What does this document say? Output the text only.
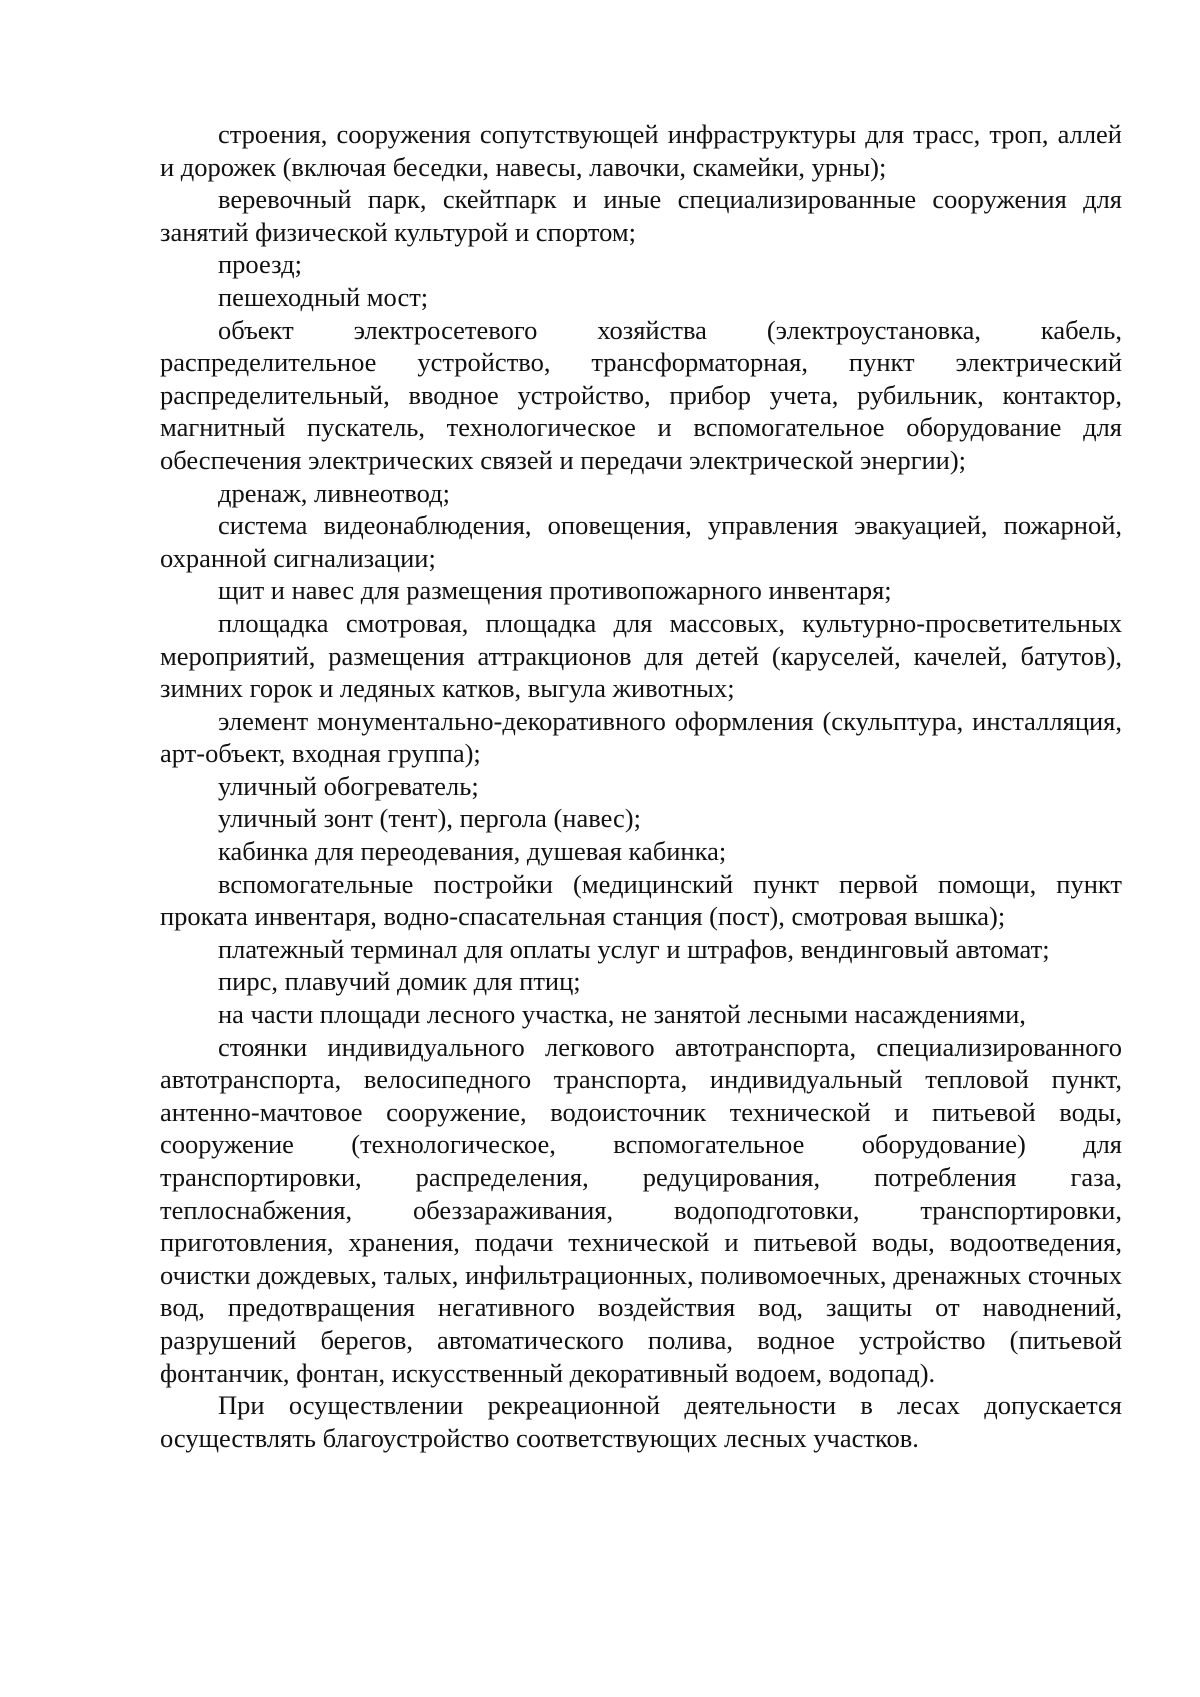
строения, сооружения сопутствующей инфраструктуры для трасс, троп, аллей и дорожек (включая беседки, навесы, лавочки, скамейки, урны);

веревочный парк, скейтпарк и иные специализированные сооружения для занятий физической культурой и спортом;

проезд;

пешеходный мост;

объект электросетевого хозяйства (электроустановка, кабель, распределительное устройство, трансформаторная, пункт электрический распределительный, вводное устройство, прибор учета, рубильник, контактор, магнитный пускатель, технологическое и вспомогательное оборудование для обеспечения электрических связей и передачи электрической энергии);

дренаж, ливнеотвод;

система видеонаблюдения, оповещения, управления эвакуацией, пожарной, охранной сигнализации;

щит и навес для размещения противопожарного инвентаря;

площадка смотровая, площадка для массовых, культурно-просветительных мероприятий, размещения аттракционов для детей (каруселей, качелей, батутов), зимних горок и ледяных катков, выгула животных;

элемент монументально-декоративного оформления (скульптура, инсталляция, арт-объект, входная группа);

уличный обогреватель;

уличный зонт (тент), пергола (навес);

кабинка для переодевания, душевая кабинка;

вспомогательные постройки (медицинский пункт первой помощи, пункт проката инвентаря, водно-спасательная станция (пост), смотровая вышка);

платежный терминал для оплаты услуг и штрафов, вендинговый автомат;

пирс, плавучий домик для птиц;

на части площади лесного участка, не занятой лесными насаждениями,

стоянки индивидуального легкового автотранспорта, специализированного автотранспорта, велосипедного транспорта, индивидуальный тепловой пункт, антенно-мачтовое сооружение, водоисточник технической и питьевой воды, сооружение (технологическое, вспомогательное оборудование) для транспортировки, распределения, редуцирования, потребления газа, теплоснабжения, обеззараживания, водоподготовки, транспортировки, приготовления, хранения, подачи технической и питьевой воды, водоотведения, очистки дождевых, талых, инфильтрационных, поливомоечных, дренажных сточных вод, предотвращения негативного воздействия вод, защиты от наводнений, разрушений берегов, автоматического полива, водное устройство (питьевой фонтанчик, фонтан, искусственный декоративный водоем, водопад).

При осуществлении рекреационной деятельности в лесах допускается осуществлять благоустройство соответствующих лесных участков.
